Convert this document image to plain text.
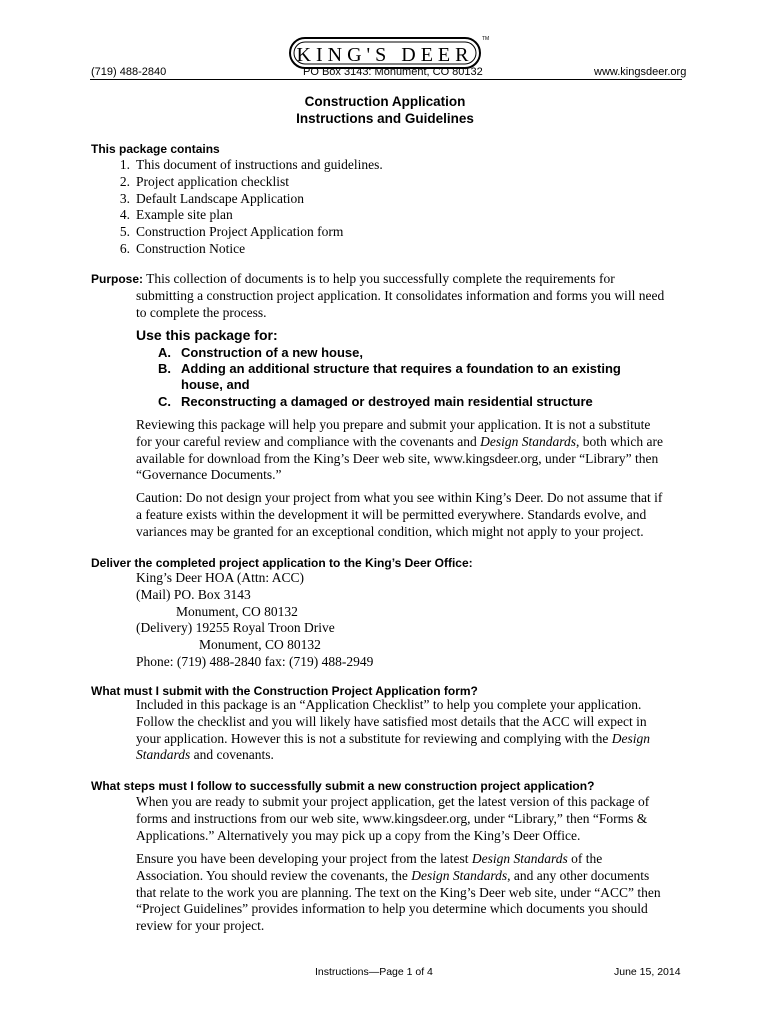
KING'S DEER
TM
(719) 488-2840	PO Box 3143: Monument, CO 80132	www.kingsdeer.org
Construction Application
Instructions and Guidelines
This package contains
1. This document of instructions and guidelines.
2. Project application checklist
3. Default Landscape Application
4. Example site plan
5. Construction Project Application form
6. Construction Notice
Purpose: This collection of documents is to help you successfully complete the requirements for
submitting a construction project application. It consolidates information and forms you will need
to complete the process.
Use this package for:
A. Construction of a new house,
B. Adding an additional structure that requires a foundation to an existing
house, and
C. Reconstructing a damaged or destroyed main residential structure
Reviewing this package will help you prepare and submit your application. It is not a substitute
for your careful review and compliance with the covenants and Design Standards, both which are
available for download from the King’s Deer web site, www.kingsdeer.org, under “Library” then
“Governance Documents.”
Caution: Do not design your project from what you see within King’s Deer. Do not assume that if
a feature exists within the development it will be permitted everywhere. Standards evolve, and
variances may be granted for an exceptional condition, which might not apply to your project.
Deliver the completed project application to the King’s Deer Office:
King’s Deer HOA (Attn: ACC)
(Mail) PO. Box 3143
Monument, CO 80132
(Delivery) 19255 Royal Troon Drive
Monument, CO 80132
Phone: (719) 488-2840 fax: (719) 488-2949
What must I submit with the Construction Project Application form?
Included in this package is an “Application Checklist” to help you complete your application.
Follow the checklist and you will likely have satisfied most details that the ACC will expect in
your application. However this is not a substitute for reviewing and complying with the Design
Standards and covenants.
What steps must I follow to successfully submit a new construction project application?
When you are ready to submit your project application, get the latest version of this package of
forms and instructions from our web site, www.kingsdeer.org, under “Library,” then “Forms &
Applications.” Alternatively you may pick up a copy from the King’s Deer Office.
Ensure you have been developing your project from the latest Design Standards of the
Association. You should review the covenants, the Design Standards, and any other documents
that relate to the work you are planning. The text on the King’s Deer web site, under “ACC” then
“Project Guidelines” provides information to help you determine which documents you should
review for your project.
Instructions—Page 1 of 4	June 15, 2014
